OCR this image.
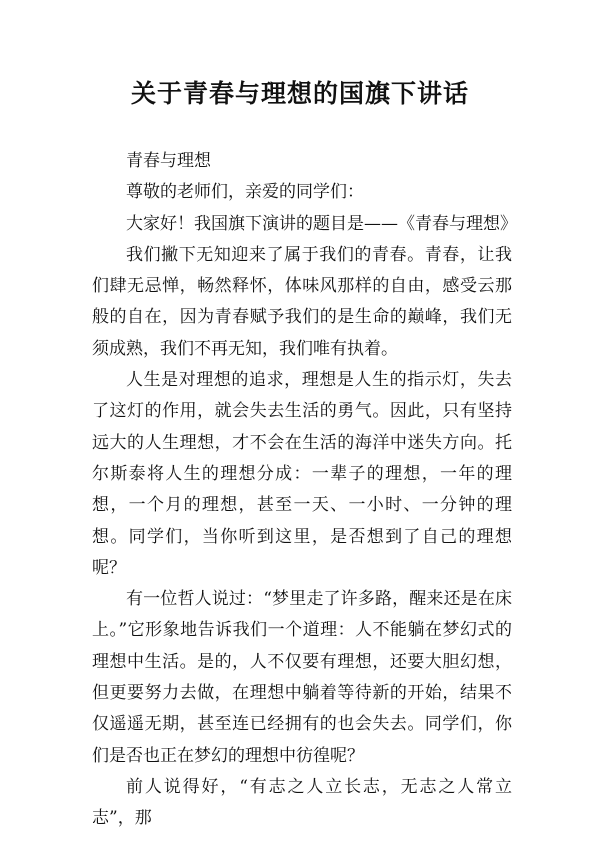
关于青春与理想的国旗下讲话

青春与理想

尊敬的老师们，亲爱的同学们：

大家好！我国旗下演讲的题目是——《青春与理想》

我们撇下无知迎来了属于我们的青春。青春，让我们肆无忌惮，畅然释怀，体味风那样的自由，感受云那般的自在，因为青春赋予我们的是生命的巅峰，我们无须成熟，我们不再无知，我们唯有执着。

人生是对理想的追求，理想是人生的指示灯，失去了这灯的作用，就会失去生活的勇气。因此，只有坚持远大的人生理想，才不会在生活的海洋中迷失方向。托尔斯泰将人生的理想分成：一辈子的理想，一年的理想，一个月的理想，甚至一天、一小时、一分钟的理想。同学们，当你听到这里，是否想到了自己的理想呢？

有一位哲人说过：“梦里走了许多路，醒来还是在床上。”它形象地告诉我们一个道理：人不能躺在梦幻式的理想中生活。是的，人不仅要有理想，还要大胆幻想，但更要努力去做，在理想中躺着等待新的开始，结果不仅遥遥无期，甚至连已经拥有的也会失去。同学们，你们是否也正在梦幻的理想中彷徨呢？

前人说得好，“有志之人立长志，无志之人常立志”，那
